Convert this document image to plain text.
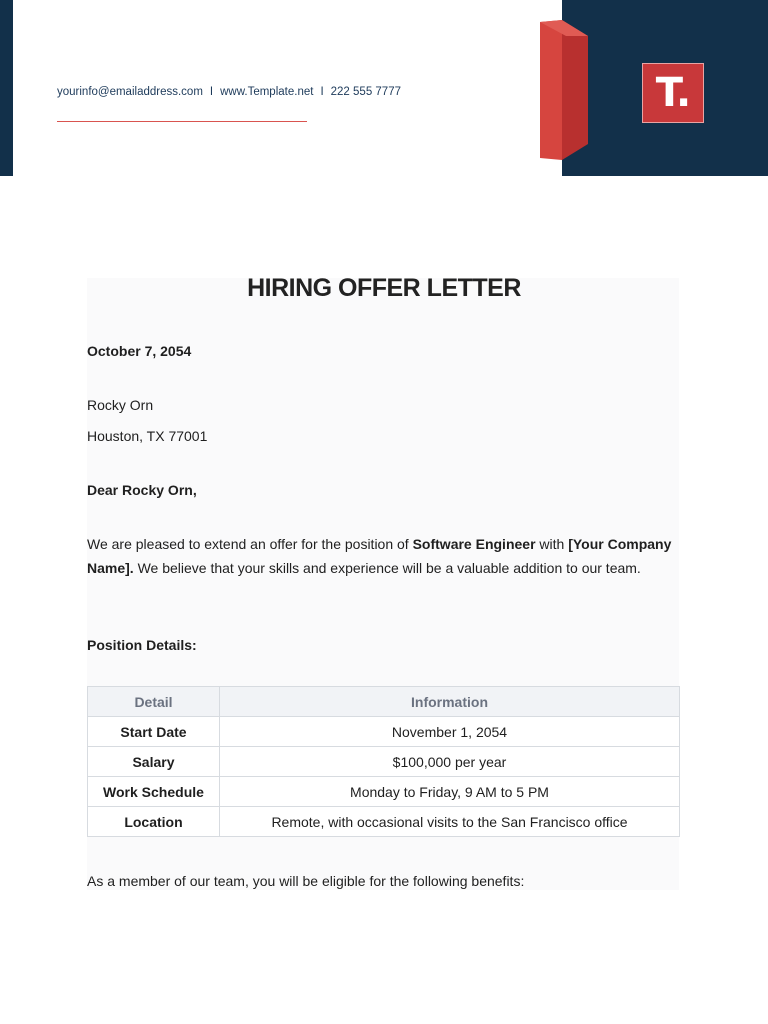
T.
yourinfo@emailaddress.com I www.Template.net I 222 555 7777
HIRING OFFER LETTER
October 7, 2054
Rocky Orn
Houston, TX 77001
Dear Rocky Orn,
We are pleased to extend an offer for the position of Software Engineer with [Your Company Name]. We believe that your skills and experience will be a valuable addition to our team.
Position Details:
Detail	Information
Start Date	November 1, 2054
Salary	$100,000 per year
Work Schedule	Monday to Friday, 9 AM to 5 PM
Location	Remote, with occasional visits to the San Francisco office
As a member of our team, you will be eligible for the following benefits:
